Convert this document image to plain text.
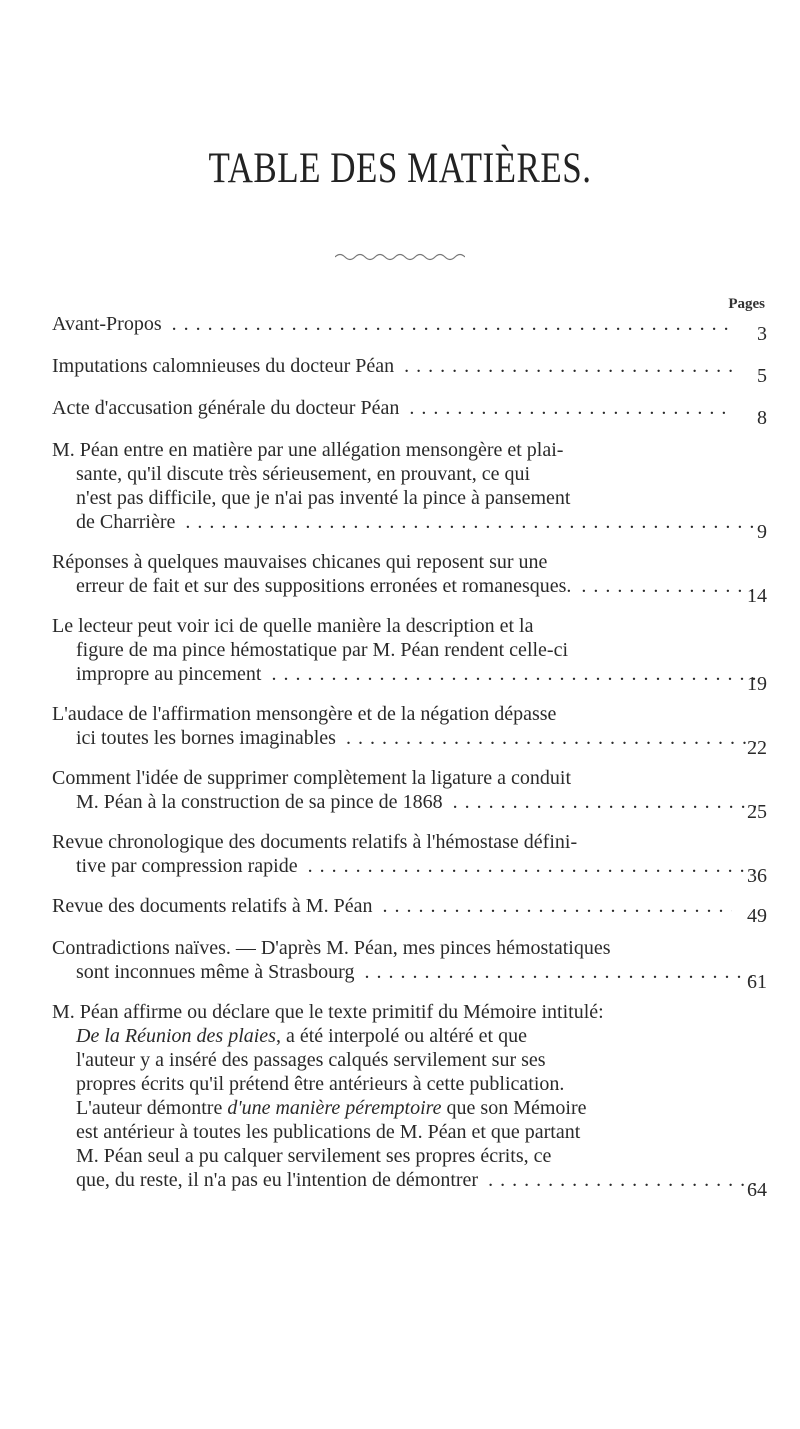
TABLE DES MATIÈRES.
Pages
Avant-Propos . . .	3
Imputations calomnieuses du docteur Péan . . .	5
Acte d'accusation générale du docteur Péan . . .	8
M. Péan entre en matière par une allégation mensongère et plai-
sante, qu'il discute très sérieusement, en prouvant, ce qui
n'est pas difficile, que je n'ai pas inventé la pince à pansement
de Charrière . . .	9
Réponses à quelques mauvaises chicanes qui reposent sur une
erreur de fait et sur des suppositions erronées et romanesques. . . .	14
Le lecteur peut voir ici de quelle manière la description et la
figure de ma pince hémostatique par M. Péan rendent celle-ci
impropre au pincement . . .	19
L'audace de l'affirmation mensongère et de la négation dépasse
ici toutes les bornes imaginables . . .	22
Comment l'idée de supprimer complètement la ligature a conduit
M. Péan à la construction de sa pince de 1868 . . .	25
Revue chronologique des documents relatifs à l'hémostase défini-
tive par compression rapide . . .	36
Revue des documents relatifs à M. Péan . . .	49
Contradictions naïves. — D'après M. Péan, mes pinces hémostatiques
sont inconnues même à Strasbourg . . .	61
M. Péan affirme ou déclare que le texte primitif du Mémoire intitulé:
De la Réunion des plaies, a été interpolé ou altéré et que
l'auteur y a inséré des passages calqués servilement sur ses
propres écrits qu'il prétend être antérieurs à cette publication.
L'auteur démontre d'une manière péremptoire que son Mémoire
est antérieur à toutes les publications de M. Péan et que partant
M. Péan seul a pu calquer servilement ses propres écrits, ce
que, du reste, il n'a pas eu l'intention de démontrer . . .	64
